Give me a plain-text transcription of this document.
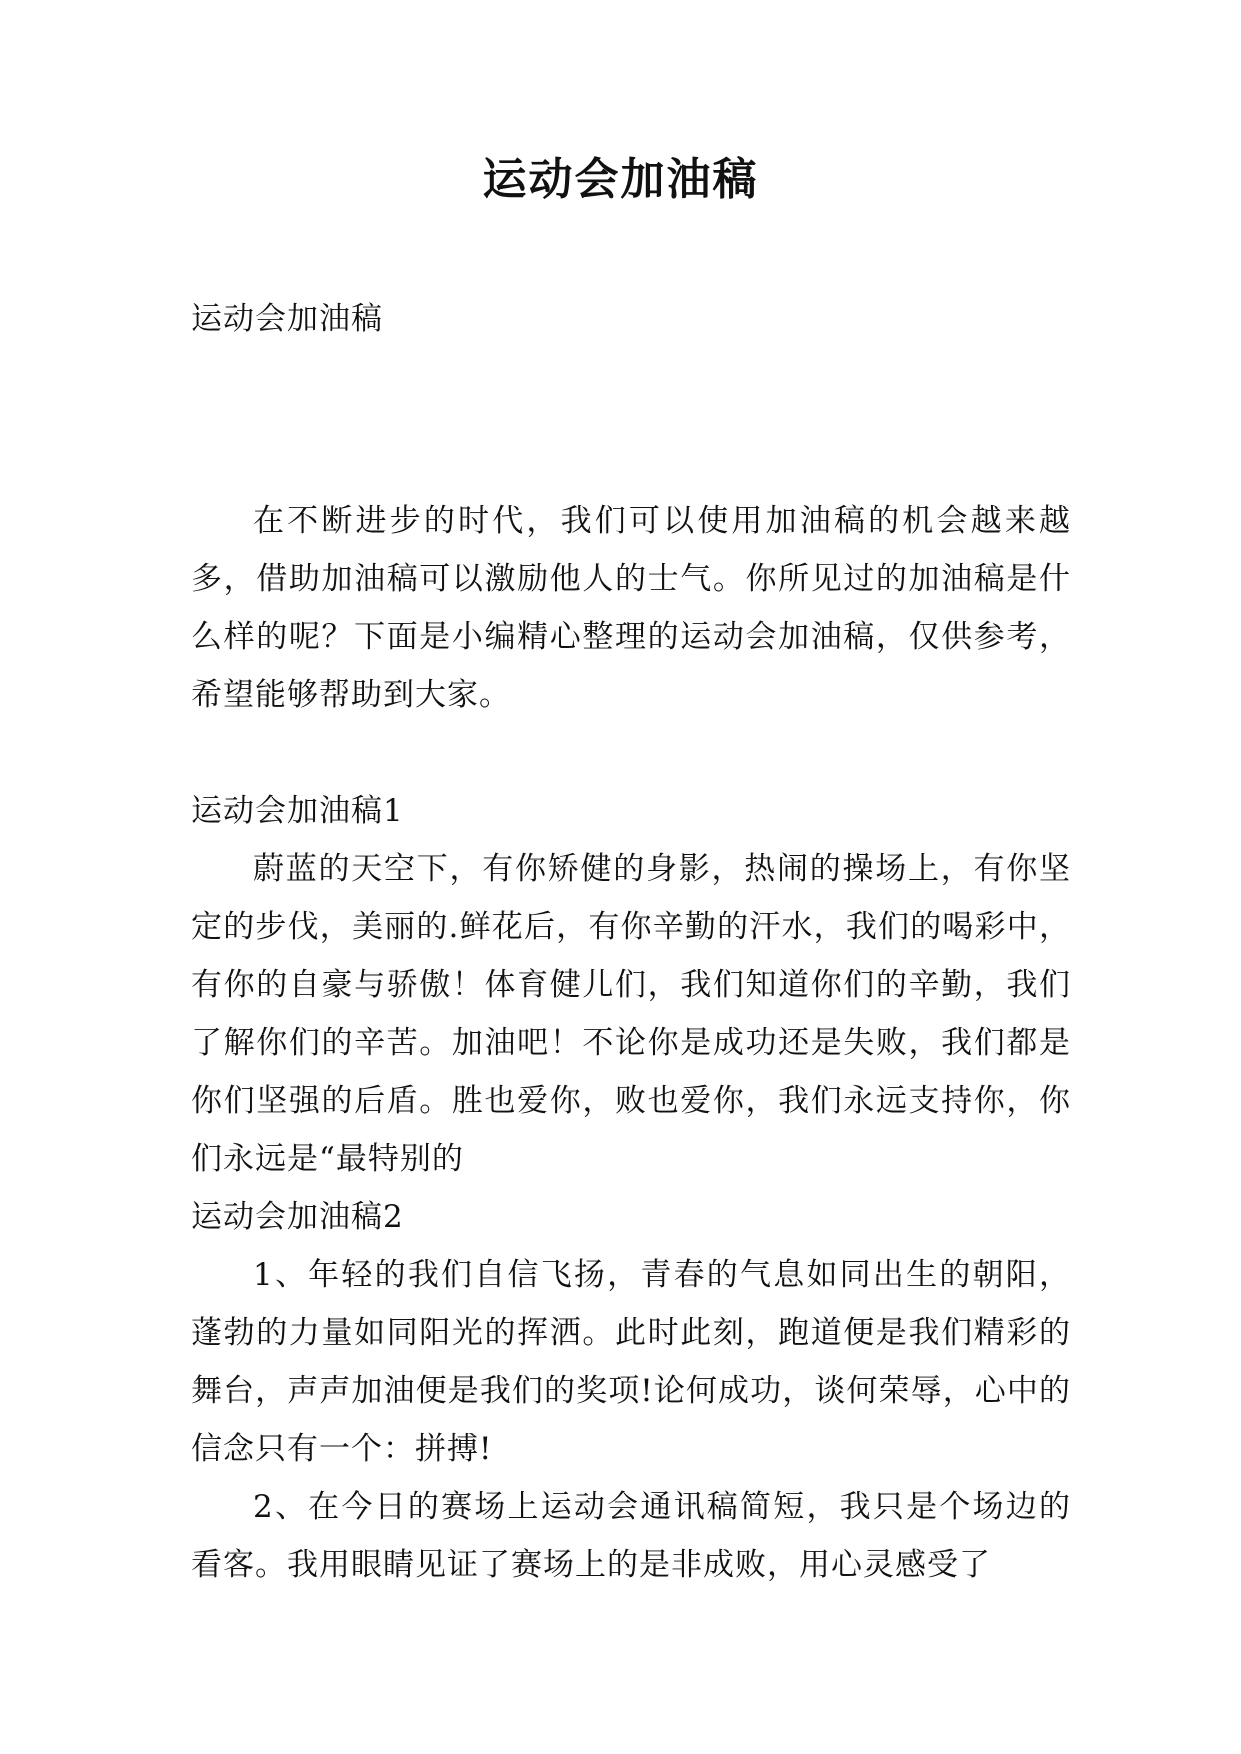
运动会加油稿

运动会加油稿

在不断进步的时代，我们可以使用加油稿的机会越来越多，借助加油稿可以激励他人的士气。你所见过的加油稿是什么样的呢？下面是小编精心整理的运动会加油稿，仅供参考，希望能够帮助到大家。

运动会加油稿1

蔚蓝的天空下，有你矫健的身影，热闹的操场上，有你坚定的步伐，美丽的.鲜花后，有你辛勤的汗水，我们的喝彩中，有你的自豪与骄傲！体育健儿们，我们知道你们的辛勤，我们了解你们的辛苦。加油吧！不论你是成功还是失败，我们都是你们坚强的后盾。胜也爱你，败也爱你，我们永远支持你，你们永远是“最特别的

运动会加油稿2

1、年轻的我们自信飞扬，青春的气息如同出生的朝阳，蓬勃的力量如同阳光的挥洒。此时此刻，跑道便是我们精彩的舞台，声声加油便是我们的奖项!论何成功，谈何荣辱，心中的信念只有一个：拼搏!

2、在今日的赛场上运动会通讯稿简短，我只是个场边的看客。我用眼睛见证了赛场上的是非成败，用心灵感受了
